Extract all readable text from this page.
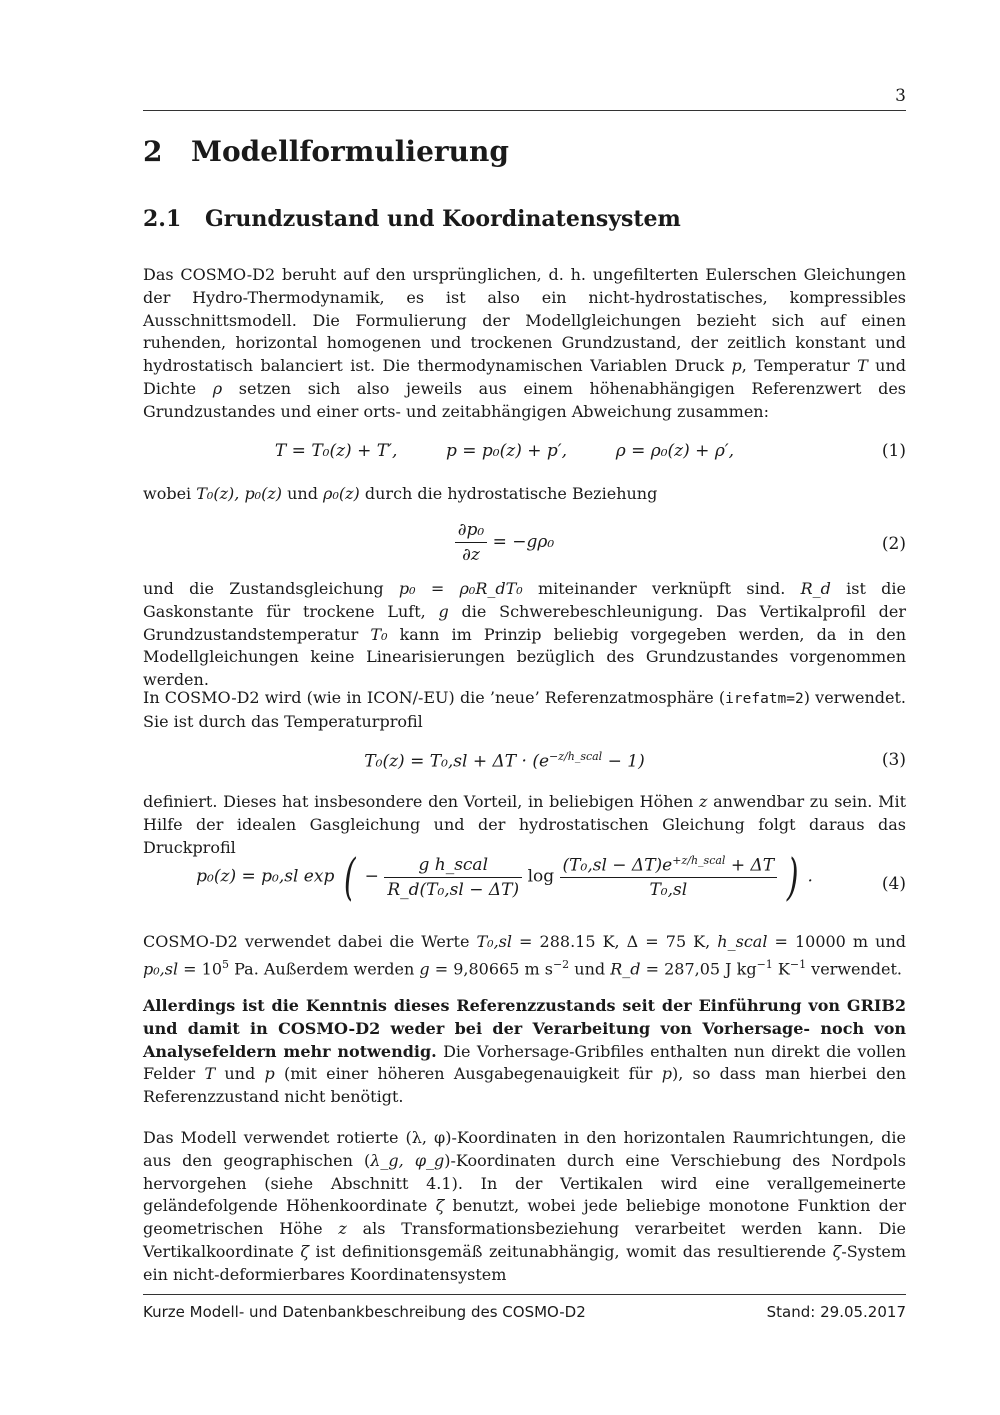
3
2 Modellformulierung
2.1 Grundzustand und Koordinatensystem
Das COSMO-D2 beruht auf den ursprünglichen, d. h. ungefilterten Eulerschen Gleichungen der Hydro-Thermodynamik, es ist also ein nicht-hydrostatisches, kompressibles Ausschnittsmodell. Die Formulierung der Modellgleichungen bezieht sich auf einen ruhenden, horizontal homogenen und trockenen Grundzustand, der zeitlich konstant und hydrostatisch balanciert ist. Die thermodynamischen Variablen Druck p, Temperatur T und Dichte ρ setzen sich also jeweils aus einem höhenabhängigen Referenzwert des Grundzustandes und einer orts- und zeitabhängigen Abweichung zusammen:
T = T₀(z) + T′,	p = p₀(z) + p′,	ρ = ρ₀(z) + ρ′,	(1)
wobei T₀(z), p₀(z) und ρ₀(z) durch die hydrostatische Beziehung
$\frac{\text{∂p₀}}{\partial z} = -g\rho_0$	(2)
und die Zustandsgleichung p₀ = ρ₀R_dT₀ miteinander verknüpft sind. R_d ist die Gaskonstante für trockene Luft, g die Schwerebeschleunigung. Das Vertikalprofil der Grundzustandstemperatur T₀ kann im Prinzip beliebig vorgegeben werden, da in den Modellgleichungen keine Linearisierungen bezüglich des Grundzustandes vorgenommen werden.
In COSMO-D2 wird (wie in ICON/-EU) die ’neue’ Referenzatmosphäre (irefatm=2) verwendet. Sie ist durch das Temperaturprofil
$T_0(z) = T_0,sl + \Delta T \cdot (e^{-z/h\_scal} - 1)$	(3)
definiert. Dieses hat insbesondere den Vorteil, in beliebigen Höhen z anwendbar zu sein. Mit Hilfe der idealen Gasgleichung und der hydrostatischen Gleichung folgt daraus das Druckprofil
p₀(z) = p₀,sl exp ( − $\frac{\text{g h\_scal}}{\text{R\_d(T₀,sl − ΔT)}}$ $\log \frac{(T_0,sl - \Delta T)e^{+z/h\_scal} + \Delta T}{\text{T₀,sl}}$ ) .	(4)
COSMO-D2 verwendet dabei die Werte T₀,sl = 288.15 K, Δ = 75 K, h_scal = 10000 m und $p_0,sl = 10^5$ Pa. Außerdem werden g = 9,80665 m $s^{-2}$ und R_d = 287,05 J $kg^{-1}$ $K^{-1}$ verwendet.
Allerdings ist die Kenntnis dieses Referenzzustands seit der Einführung von GRIB2 und damit in COSMO-D2 weder bei der Verarbeitung von Vorhersage- noch von Analysefeldern mehr notwendig. Die Vorhersage-Gribfiles enthalten nun direkt die vollen Felder T und p (mit einer höheren Ausgabegenauigkeit für p), so dass man hierbei den Referenzzustand nicht benötigt.
Das Modell verwendet rotierte (λ, φ)-Koordinaten in den horizontalen Raumrichtungen, die aus den geographischen (λ_g, φ_g)-Koordinaten durch eine Verschiebung des Nordpols hervorgehen (siehe Abschnitt 4.1). In der Vertikalen wird eine verallgemeinerte geländefolgende Höhenkoordinate ζ benutzt, wobei jede beliebige monotone Funktion der geometrischen Höhe z als Transformationsbeziehung verarbeitet werden kann. Die Vertikalkoordinate ζ ist definitionsgemäß zeitunabhängig, womit das resultierende ζ-System ein nicht-deformierbares Koordinatensystem
Kurze Modell- und Datenbankbeschreibung des COSMO-D2	Stand: 29.05.2017
